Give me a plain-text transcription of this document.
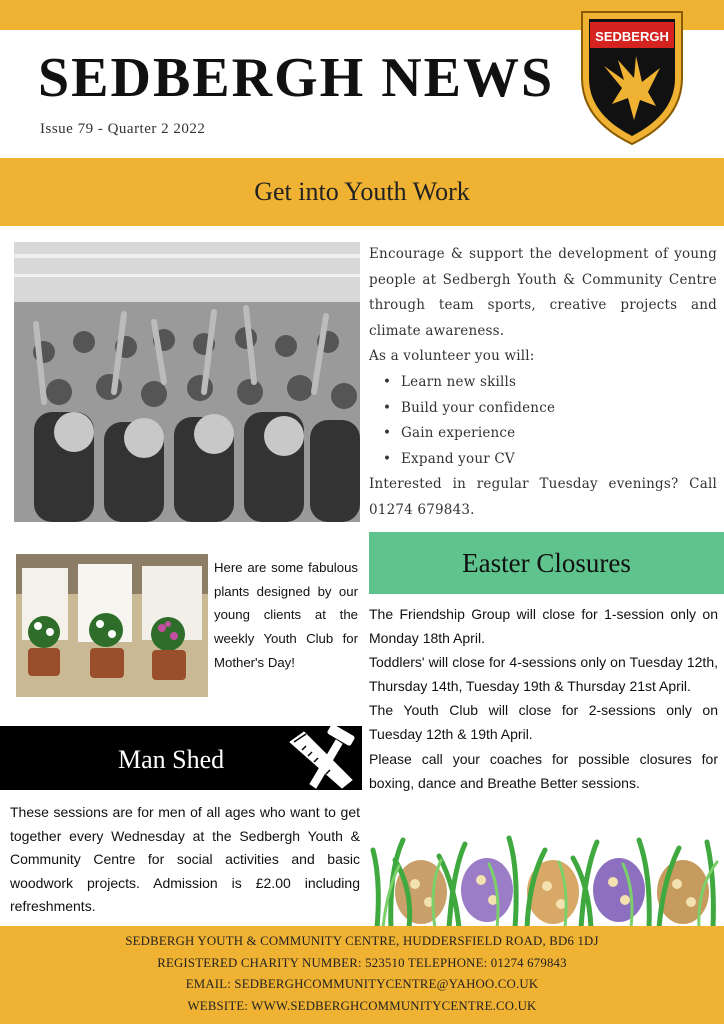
SEDBERGH NEWS
Issue 79 - Quarter 2 2022
SEDBERGH
Get into Youth Work

Encourage & support the development of young people at Sedbergh Youth & Community Centre through team sports, creative projects and climate awareness.

As a volunteer you will:

• Learn new skills
• Build your confidence
• Gain experience
• Expand your CV

Interested in regular Tuesday evenings? Call 01274 679843.

Here are some fabulous plants designed by our young clients at the weekly Youth Club for Mother's Day!
Easter Closures

The Friendship Group will close for 1-session only on Monday 18th April.

Toddlers' will close for 4-sessions only on Tuesday 12th, Thursday 14th, Tuesday 19th & Thursday 21st April.

The Youth Club will close for 2-sessions only on Tuesday 12th & 19th April.

Please call your coaches for possible closures for boxing, dance and Breathe Better sessions.

Man Shed
These sessions are for men of all ages who want to get together every Wednesday at the Sedbergh Youth & Community Centre for social activities and basic woodwork projects. Admission is £2.00 including refreshments.
SEDBERGH YOUTH & COMMUNITY CENTRE, HUDDERSFIELD ROAD, BD6 1DJ
REGISTERED CHARITY NUMBER: 523510 TELEPHONE: 01274 679843
EMAIL: SEDBERGHCOMMUNITYCENTRE@YAHOO.CO.UK
WEBSITE: WWW.SEDBERGHCOMMUNITYCENTRE.CO.UK
